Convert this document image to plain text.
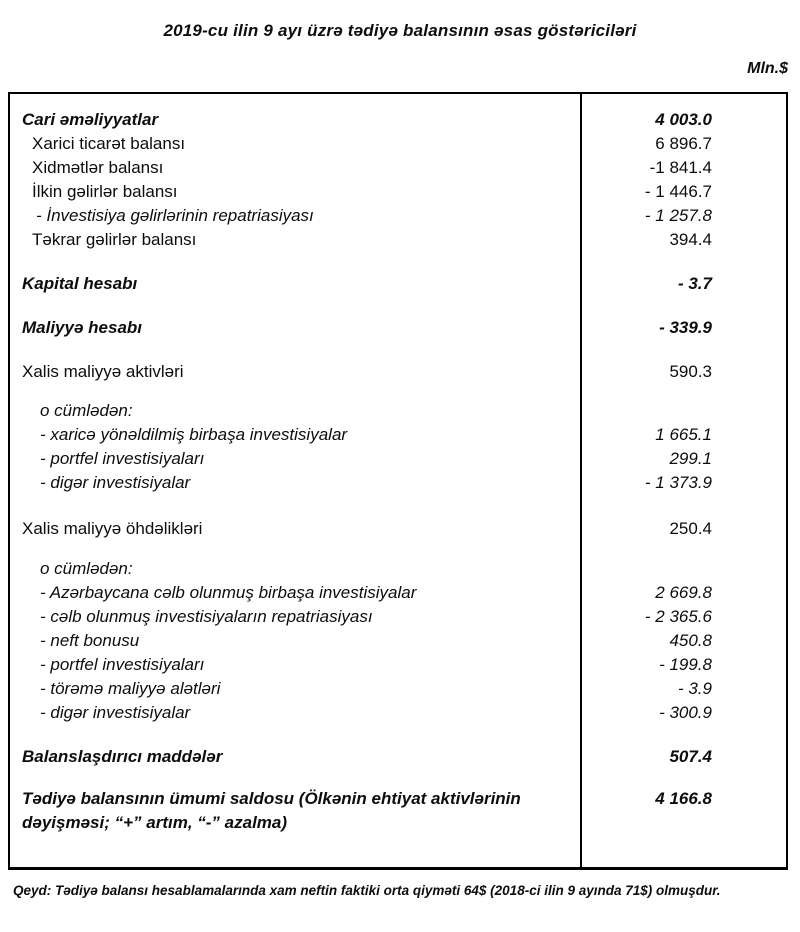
2019-cu ilin 9 ayı üzrə tədiyə balansının əsas göstəriciləri
Mln.$
Cari əməliyyatlar	4 003.0
Xarici ticarət balansı	6 896.7
Xidmətlər balansı	-1 841.4
İlkin gəlirlər balansı	- 1 446.7
- İnvestisiya gəlirlərinin repatriasiyası	- 1 257.8
Təkrar gəlirlər balansı	394.4
Kapital hesabı	- 3.7
Maliyyə hesabı	- 339.9
Xalis maliyyə aktivləri	590.3
o cümlədən:
- xaricə yönəldilmiş birbaşa investisiyalar	1 665.1
- portfel investisiyaları	299.1
- digər investisiyalar	- 1 373.9
Xalis maliyyə öhdəlikləri	250.4
o cümlədən:
- Azərbaycana cəlb olunmuş birbaşa investisiyalar	2 669.8
- cəlb olunmuş investisiyaların repatriasiyası	- 2 365.6
- neft bonusu	450.8
- portfel investisiyaları	- 199.8
- törəmə maliyyə alətləri	- 3.9
- digər investisiyalar	- 300.9
Balanslaşdırıcı maddələr	507.4
Tədiyə balansının ümumi saldosu (Ölkənin ehtiyat aktivlərinin dəyişməsi; “+” artım, “-” azalma)
4 166.8
Qeyd: Tədiyə balansı hesablamalarında xam neftin faktiki orta qiyməti 64$ (2018-ci ilin 9 ayında 71$) olmuşdur.
